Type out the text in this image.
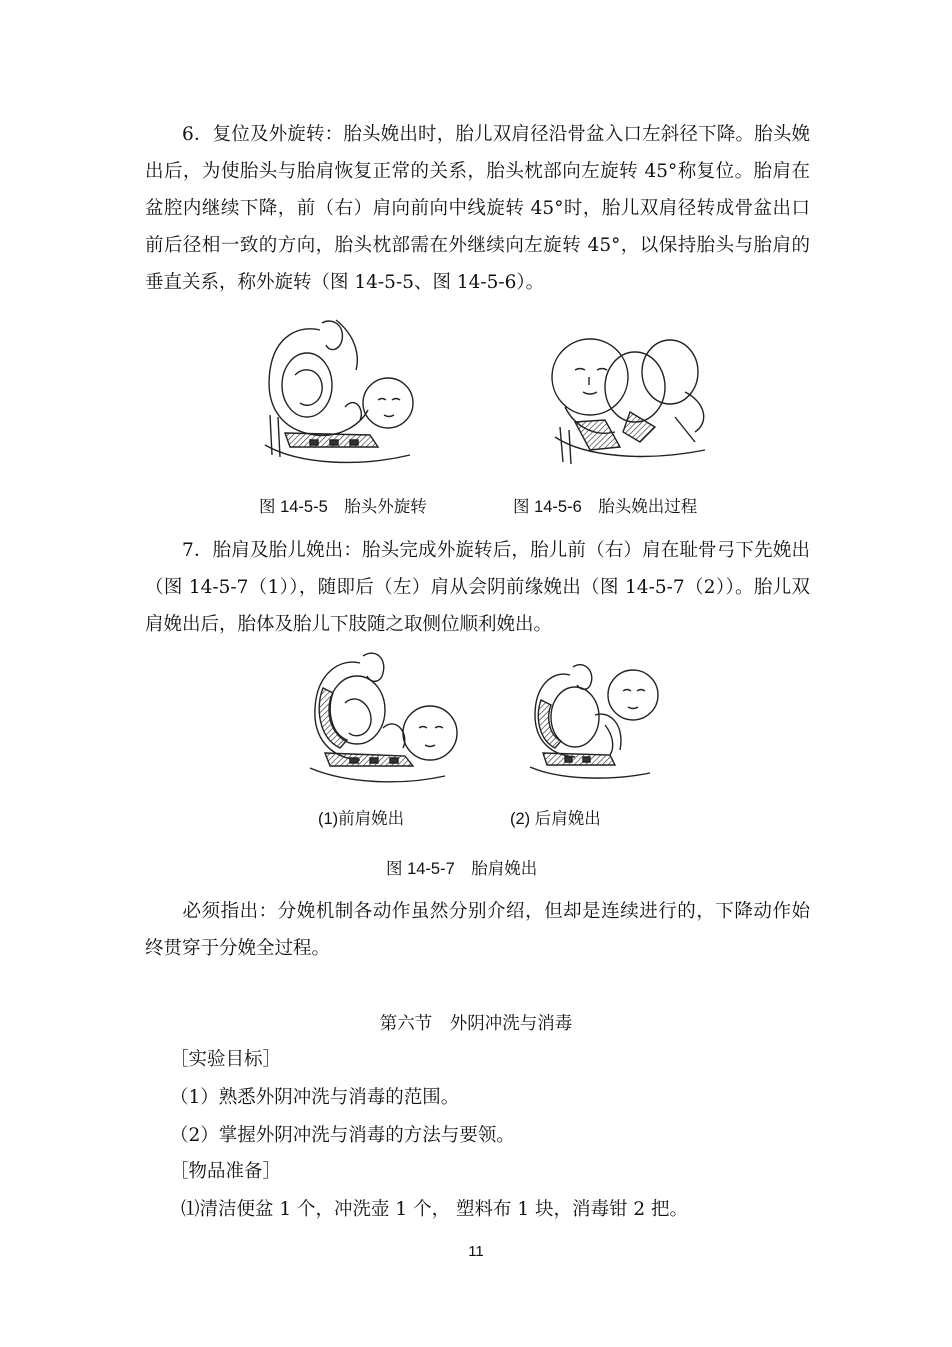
6．复位及外旋转：胎头娩出时，胎儿双肩径沿骨盆入口左斜径下降。胎头娩出后，为使胎头与胎肩恢复正常的关系，胎头枕部向左旋转 45°称复位。胎肩在盆腔内继续下降，前（右）肩向前向中线旋转 45°时，胎儿双肩径转成骨盆出口前后径相一致的方向，胎头枕部需在外继续向左旋转 45°，以保持胎头与胎肩的垂直关系，称外旋转（图 14-5-5、图 14-5-6）。

图 14-5-5　胎头外旋转	图 14-5-6　胎头娩出过程

7．胎肩及胎儿娩出：胎头完成外旋转后，胎儿前（右）肩在耻骨弓下先娩出（图 14-5-7（1）），随即后（左）肩从会阴前缘娩出（图 14-5-7（2））。胎儿双肩娩出后，胎体及胎儿下肢随之取侧位顺利娩出。

(1)前肩娩出	(2) 后肩娩出
图 14-5-7　胎肩娩出

必须指出：分娩机制各动作虽然分别介绍，但却是连续进行的，下降动作始终贯穿于分娩全过程。

第六节　外阴冲洗与消毒
［实验目标］
（1）熟悉外阴冲洗与消毒的范围。
（2）掌握外阴冲洗与消毒的方法与要领。
［物品准备］
⑴清洁便盆 1 个，冲洗壶 1 个， 塑料布 1 块，消毒钳 2 把。
11
